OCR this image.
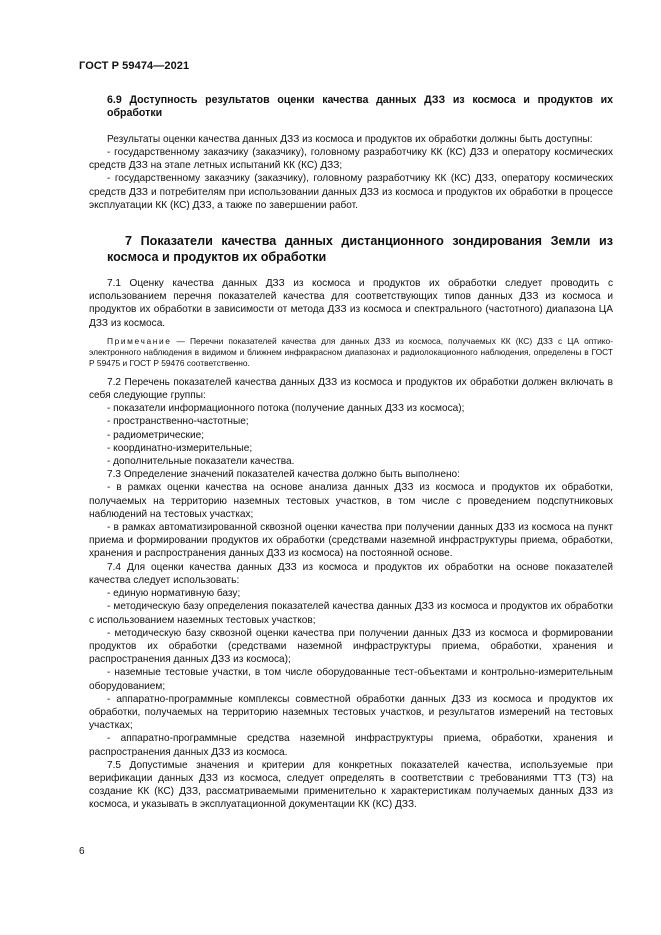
ГОСТ Р 59474—2021

6.9 Доступность результатов оценки качества данных ДЗЗ из космоса и продуктов их обработки

Результаты оценки качества данных ДЗЗ из космоса и продуктов их обработки должны быть доступны:

- государственному заказчику (заказчику), головному разработчику КК (КС) ДЗЗ и оператору космических средств ДЗЗ на этапе летных испытаний КК (КС) ДЗЗ;

- государственному заказчику (заказчику), головному разработчику КК (КС) ДЗЗ, оператору космических средств ДЗЗ и потребителям при использовании данных ДЗЗ из космоса и продуктов их обработки в процессе эксплуатации КК (КС) ДЗЗ, а также по завершении работ.

7 Показатели качества данных дистанционного зондирования Земли из космоса и продуктов их обработки

7.1 Оценку качества данных ДЗЗ из космоса и продуктов их обработки следует проводить с использованием перечня показателей качества для соответствующих типов данных ДЗЗ из космоса и продуктов их обработки в зависимости от метода ДЗЗ из космоса и спектрального (частотного) диапазона ЦА ДЗЗ из космоса.

Примечание — Перечни показателей качества для данных ДЗЗ из космоса, получаемых КК (КС) ДЗЗ с ЦА оптико-электронного наблюдения в видимом и ближнем инфракрасном диапазонах и радиолокационного наблюдения, определены в ГОСТ Р 59475 и ГОСТ Р 59476 соответственно.

7.2 Перечень показателей качества данных ДЗЗ из космоса и продуктов их обработки должен включать в себя следующие группы:

- показатели информационного потока (получение данных ДЗЗ из космоса);

- пространственно-частотные;

- радиометрические;

- координатно-измерительные;

- дополнительные показатели качества.

7.3 Определение значений показателей качества должно быть выполнено:

- в рамках оценки качества на основе анализа данных ДЗЗ из космоса и продуктов их обработки, получаемых на территорию наземных тестовых участков, в том числе с проведением подспутниковых наблюдений на тестовых участках;

- в рамках автоматизированной сквозной оценки качества при получении данных ДЗЗ из космоса на пункт приема и формировании продуктов их обработки (средствами наземной инфраструктуры приема, обработки, хранения и распространения данных ДЗЗ из космоса) на постоянной основе.

7.4 Для оценки качества данных ДЗЗ из космоса и продуктов их обработки на основе показателей качества следует использовать:

- единую нормативную базу;

- методическую базу определения показателей качества данных ДЗЗ из космоса и продуктов их обработки с использованием наземных тестовых участков;

- методическую базу сквозной оценки качества при получении данных ДЗЗ из космоса и формировании продуктов их обработки (средствами наземной инфраструктуры приема, обработки, хранения и распространения данных ДЗЗ из космоса);

- наземные тестовые участки, в том числе оборудованные тест-объектами и контрольно-измерительным оборудованием;

- аппаратно-программные комплексы совместной обработки данных ДЗЗ из космоса и продуктов их обработки, получаемых на территорию наземных тестовых участков, и результатов измерений на тестовых участках;

- аппаратно-программные средства наземной инфраструктуры приема, обработки, хранения и распространения данных ДЗЗ из космоса.

7.5 Допустимые значения и критерии для конкретных показателей качества, используемые при верификации данных ДЗЗ из космоса, следует определять в соответствии с требованиями ТТЗ (ТЗ) на создание КК (КС) ДЗЗ, рассматриваемыми применительно к характеристикам получаемых данных ДЗЗ из космоса, и указывать в эксплуатационной документации КК (КС) ДЗЗ.

6
